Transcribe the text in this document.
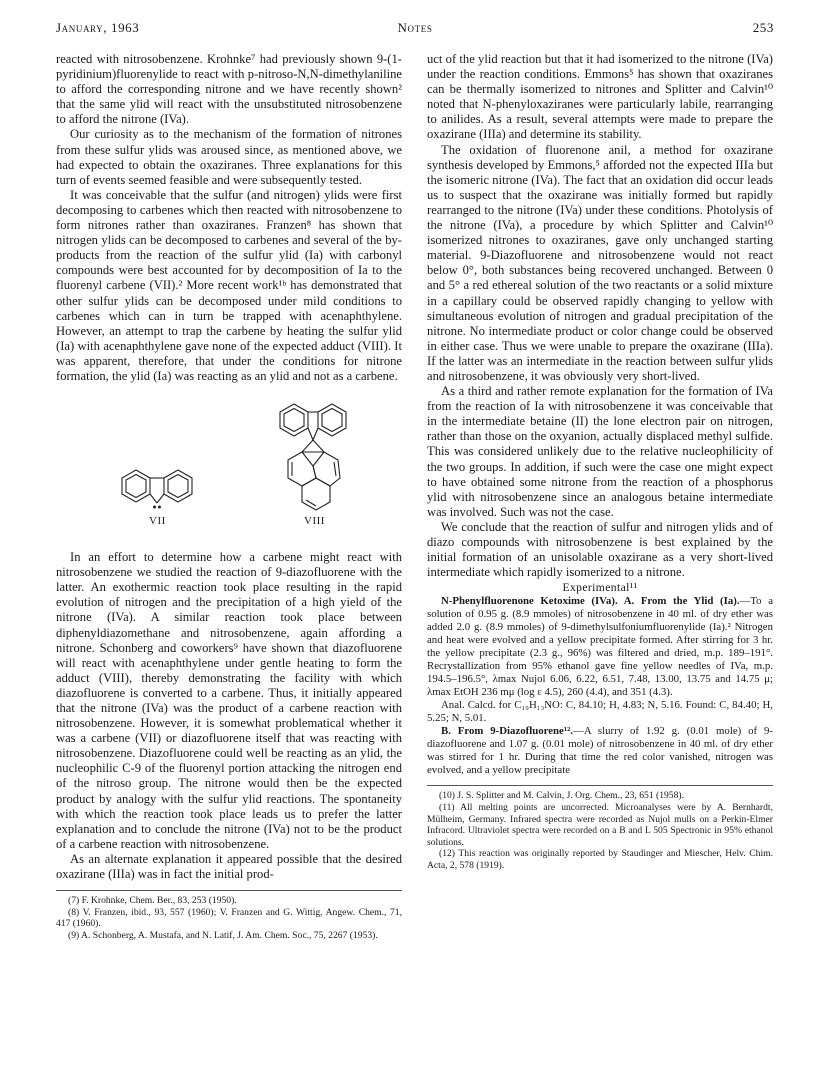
January, 1963	Notes	253

reacted with nitrosobenzene. Krohnke⁷ had previously shown 9-(1-pyridinium)fluorenylide to react with p-nitroso-N,N-dimethylaniline to afford the corresponding nitrone and we have recently shown² that the same ylid will react with the unsubstituted nitrosobenzene to afford the nitrone (IVa).

Our curiosity as to the mechanism of the formation of nitrones from these sulfur ylids was aroused since, as mentioned above, we had expected to obtain the oxaziranes. Three explanations for this turn of events seemed feasible and were subsequently tested.

It was conceivable that the sulfur (and nitrogen) ylids were first decomposing to carbenes which then reacted with nitrosobenzene to form nitrones rather than oxaziranes. Franzen⁸ has shown that nitrogen ylids can be decomposed to carbenes and several of the by-products from the reaction of the sulfur ylid (Ia) with carbonyl compounds were best accounted for by decomposition of Ia to the fluorenyl carbene (VII).² More recent work¹ᵇ has demonstrated that other sulfur ylids can be decomposed under mild conditions to carbenes which can in turn be trapped with acenaphthylene. However, an attempt to trap the carbene by heating the sulfur ylid (Ia) with acenaphthylene gave none of the expected adduct (VIII). It was apparent, therefore, that under the conditions for nitrone formation, the ylid (Ia) was reacting as an ylid and not as a carbene.

VII	VIII

In an effort to determine how a carbene might react with nitrosobenzene we studied the reaction of 9-diazofluorene with the latter. An exothermic reaction took place resulting in the rapid evolution of nitrogen and the precipitation of a high yield of the nitrone (IVa). A similar reaction took place between diphenyldiazomethane and nitrosobenzene, again affording a nitrone. Schonberg and coworkers⁹ have shown that diazofluorene will react with acenaphthylene under gentle heating to form the adduct (VIII), thereby demonstrating the facility with which diazofluorene is converted to a carbene. Thus, it initially appeared that the nitrone (IVa) was the product of a carbene reaction with nitrosobenzene. However, it is somewhat problematical whether it was a carbene (VII) or diazofluorene itself that was reacting with nitrosobenzene. Diazofluorene could well be reacting as an ylid, the nucleophilic C-9 of the fluorenyl portion attacking the nitrogen end of the nitroso group. The nitrone would then be the expected product by analogy with the sulfur ylid reactions. The spontaneity with which the reaction took place leads us to prefer the latter explanation and to conclude the nitrone (IVa) not to be the product of a carbene reaction with nitrosobenzene.

As an alternate explanation it appeared possible that the desired oxazirane (IIIa) was in fact the initial prod-

(7) F. Krohnke, Chem. Ber., 83, 253 (1950).

(8) V. Franzen, ibid., 93, 557 (1960); V. Franzen and G. Wittig, Angew. Chem., 71, 417 (1960).

(9) A. Schonberg, A. Mustafa, and N. Latif, J. Am. Chem. Soc., 75, 2267 (1953).

uct of the ylid reaction but that it had isomerized to the nitrone (IVa) under the reaction conditions. Emmons⁵ has shown that oxaziranes can be thermally isomerized to nitrones and Splitter and Calvin¹⁰ noted that N-phenyloxaziranes were particularly labile, rearranging to anilides. As a result, several attempts were made to prepare the oxazirane (IIIa) and determine its stability.

The oxidation of fluorenone anil, a method for oxazirane synthesis developed by Emmons,⁵ afforded not the expected IIIa but the isomeric nitrone (IVa). The fact that an oxidation did occur leads us to suspect that the oxazirane was initially formed but rapidly rearranged to the nitrone (IVa) under these conditions. Photolysis of the nitrone (IVa), a procedure by which Splitter and Calvin¹⁰ isomerized nitrones to oxaziranes, gave only unchanged starting material. 9-Diazofluorene and nitrosobenzene would not react below 0°, both substances being recovered unchanged. Between 0 and 5° a red ethereal solution of the two reactants or a solid mixture in a capillary could be observed rapidly changing to yellow with simultaneous evolution of nitrogen and gradual precipitation of the nitrone. No intermediate product or color change could be observed in either case. Thus we were unable to prepare the oxazirane (IIIa). If the latter was an intermediate in the reaction between sulfur ylids and nitrosobenzene, it was obviously very short-lived.

As a third and rather remote explanation for the formation of IVa from the reaction of Ia with nitrosobenzene it was conceivable that in the intermediate betaine (II) the lone electron pair on nitrogen, rather than those on the oxyanion, actually displaced methyl sulfide. This was considered unlikely due to the relative nucleophilicity of the two groups. In addition, if such were the case one might expect to have obtained some nitrone from the reaction of a phosphorus ylid with nitrosobenzene since an analogous betaine intermediate was involved. Such was not the case.

We conclude that the reaction of sulfur and nitrogen ylids and of diazo compounds with nitrosobenzene is best explained by the initial formation of an unisolable oxazirane as a very short-lived intermediate which rapidly isomerized to a nitrone.

Experimental¹¹

N-Phenylfluorenone Ketoxime (IVa). A. From the Ylid (Ia).—To a solution of 0.95 g. (8.9 mmoles) of nitrosobenzene in 40 ml. of dry ether was added 2.0 g. (8.9 mmoles) of 9-dimethylsulfoniumfluorenylide (Ia).² Nitrogen and heat were evolved and a yellow precipitate formed. After stirring for 3 hr. the yellow precipitate (2.3 g., 96%) was filtered and dried, m.p. 189–191°. Recrystallization from 95% ethanol gave fine yellow needles of IVa, m.p. 194.5–196.5°, λmax Nujol 6.06, 6.22, 6.51, 7.48, 13.00, 13.75 and 14.75 μ; λmax EtOH 236 mμ (log ε 4.5), 260 (4.4), and 351 (4.3).

Anal. Calcd. for C₁₉H₁₃NO: C, 84.10; H, 4.83; N, 5.16. Found: C, 84.40; H, 5.25; N, 5.01.

B. From 9-Diazofluorene¹².—A slurry of 1.92 g. (0.01 mole) of 9-diazofluorene and 1.07 g. (0.01 mole) of nitrosobenzene in 40 ml. of dry ether was stirred for 1 hr. During that time the red color vanished, nitrogen was evolved, and a yellow precipitate

(10) J. S. Splitter and M. Calvin, J. Org. Chem., 23, 651 (1958).

(11) All melting points are uncorrected. Microanalyses were by A. Bernhardt, Mülheim, Germany. Infrared spectra were recorded as Nujol mulls on a Perkin-Elmer Infracord. Ultraviolet spectra were recorded on a B and L 505 Spectronic in 95% ethanol solutions.

(12) This reaction was originally reported by Staudinger and Miescher, Helv. Chim. Acta, 2, 578 (1919).
